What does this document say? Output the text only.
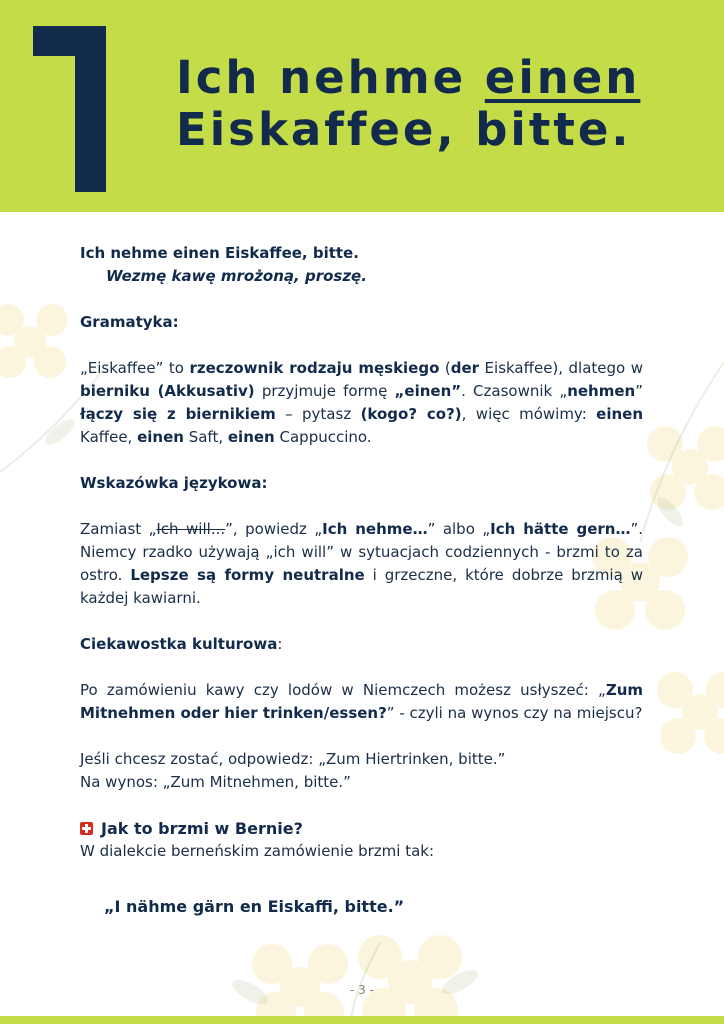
Ich nehme einen
Eiskaffee, bitte.

Ich nehme einen Eiskaffee, bitte.

Wezmę kawę mrożoną, proszę.

Gramatyka:

„Eiskaffee” to rzeczownik rodzaju męskiego (der Eiskaffee), dlatego w bierniku (Akkusativ) przyjmuje formę „einen”. Czasownik „nehmen” łączy się z biernikiem – pytasz (kogo? co?), więc mówimy: einen Kaffee, einen Saft, einen Cappuccino.

Wskazówka językowa:

Zamiast „Ich will...”, powiedz „Ich nehme…” albo „Ich hätte gern…”. Niemcy rzadko używają „ich will” w sytuacjach codziennych - brzmi to za ostro. Lepsze są formy neutralne i grzeczne, które dobrze brzmią w każdej kawiarni.

Ciekawostka kulturowa:

Po zamówieniu kawy czy lodów w Niemczech możesz usłyszeć: „Zum Mitnehmen oder hier trinken/essen?” - czyli na wynos czy na miejscu?

Jeśli chcesz zostać, odpowiedz: „Zum Hiertrinken, bitte.”

Na wynos: „Zum Mitnehmen, bitte.”

Jak to brzmi w Bernie?

W dialekcie berneńskim zamówienie brzmi tak:

„I nähme gärn en Eiskaffi, bitte.”

- 3 -
